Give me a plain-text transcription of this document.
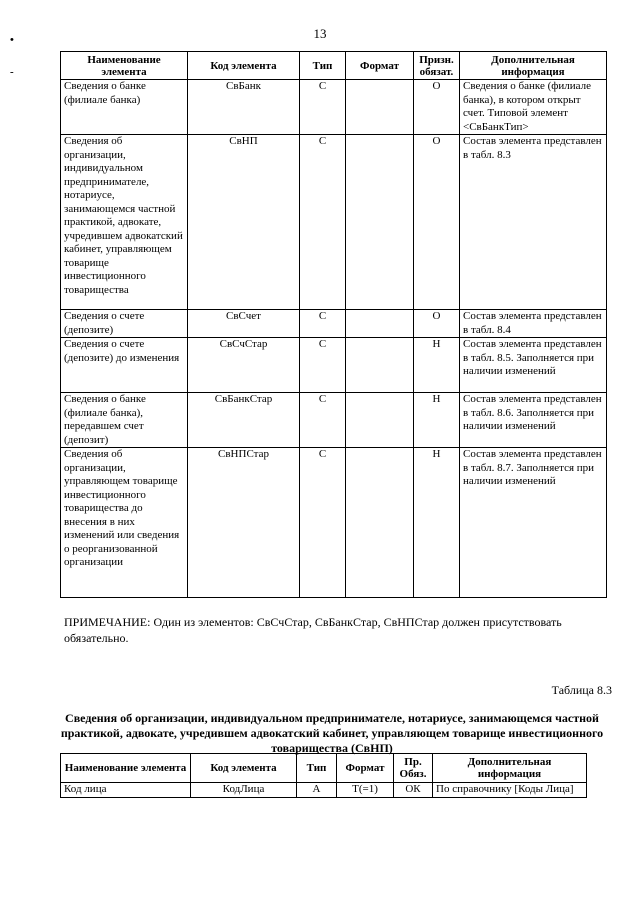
13
•
-
Наименование элемента	Код элемента	Тип	Формат	Призн. обязат.	Дополнительная информация
Сведения о банке (филиале банка)	СвБанк	С		О	Сведения о банке (филиале банка), в котором открыт счет. Типовой элемент <СвБанкТип>
Сведения об организации, индивидуальном предпринимателе, нотариусе, занимающемся частной практикой, адвокате, учредившем адвокатский кабинет, управляющем товарище инвестиционного товарищества	СвНП	С		О	Состав элемента представлен в табл. 8.3
Сведения о счете (депозите)	СвСчет	С		О	Состав элемента представлен в табл. 8.4
Сведения о счете (депозите) до изменения	СвСчСтар	С		Н	Состав элемента представлен в табл. 8.5. Заполняется при наличии изменений
Сведения о банке (филиале банка), передавшем счет (депозит)	СвБанкСтар	С		Н	Состав элемента представлен в табл. 8.6. Заполняется при наличии изменений
Сведения об организации, управляющем товарище инвестиционного товарищества до внесения в них изменений или сведения о реорганизованной организации	СвНПСтар	С		Н	Состав элемента представлен в табл. 8.7. Заполняется при наличии изменений
ПРИМЕЧАНИЕ: Один из элементов: СвСчСтар, СвБанкСтар, СвНПСтар должен присутствовать обязательно.
Таблица 8.3
Сведения об организации, индивидуальном предпринимателе, нотариусе, занимающемся частной практикой, адвокате, учредившем адвокатский кабинет, управляющем товарище инвестиционного товарищества (СвНП)
Наименование элемента	Код элемента	Тип	Формат	Пр. Обяз.	Дополнительная информация
Код лица	КодЛица	А	Т(=1)	ОК	По справочнику [Коды Лица]
